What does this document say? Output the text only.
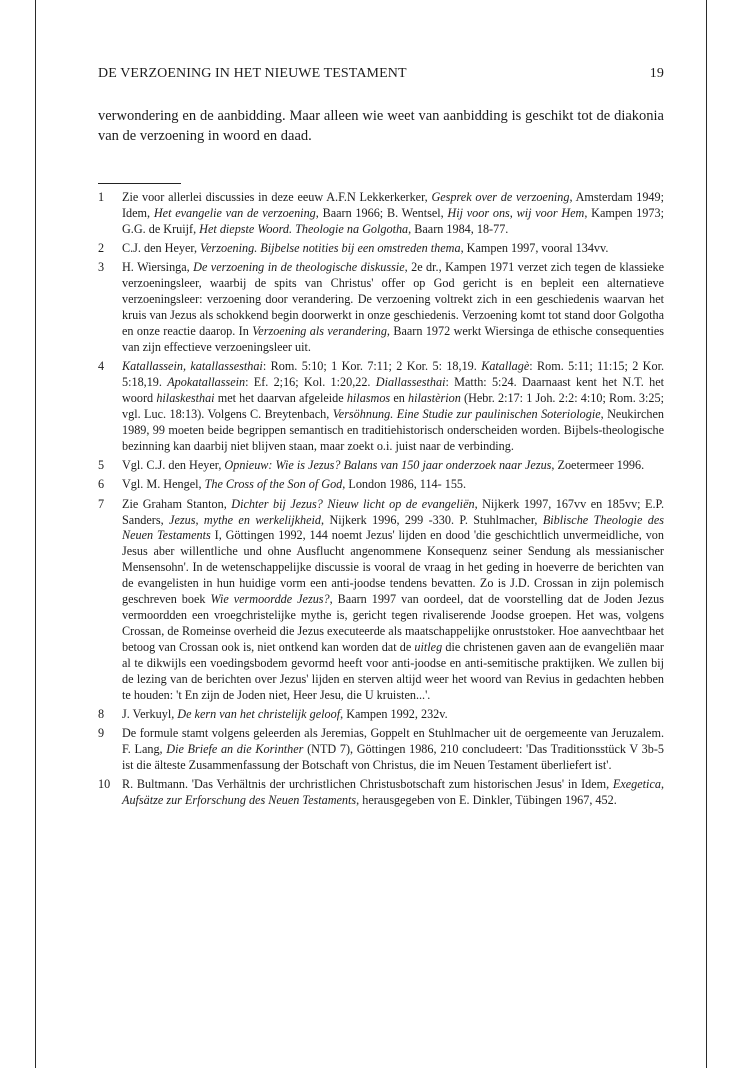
DE VERZOENING IN HET NIEUWE TESTAMENT	19

verwondering en de aanbidding. Maar alleen wie weet van aanbidding is geschikt tot de diakonia van de verzoening in woord en daad.

1 Zie voor allerlei discussies in deze eeuw A.F.N Lekkerkerker, Gesprek over de verzoening, Amsterdam 1949; Idem, Het evangelie van de verzoening, Baarn 1966; B. Wentsel, Hij voor ons, wij voor Hem, Kampen 1973; G.G. de Kruijf, Het diepste Woord. Theologie na Golgotha, Baarn 1984, 18-77.
2 C.J. den Heyer, Verzoening. Bijbelse notities bij een omstreden thema, Kampen 1997, vooral 134vv.
3 H. Wiersinga, De verzoening in de theologische diskussie, 2e dr., Kampen 1971 verzet zich tegen de klassieke verzoeningsleer, waarbij de spits van Christus' offer op God gericht is en bepleit een alternatieve verzoeningsleer: verzoening door verandering. De verzoening voltrekt zich in een geschiedenis waarvan het kruis van Jezus als schokkend begin doorwerkt in onze geschiedenis. Verzoening komt tot stand door Golgotha en onze reactie daarop. In Verzoening als verandering, Baarn 1972 werkt Wiersinga de ethische consequenties van zijn effectieve verzoeningsleer uit.
4 Katallassein, katallassesthai: Rom. 5:10; 1 Kor. 7:11; 2 Kor. 5: 18,19. Katallagè: Rom. 5:11; 11:15; 2 Kor. 5:18,19. Apokatallassein: Ef. 2;16; Kol. 1:20,22. Diallassesthai: Matth: 5:24. Daarnaast kent het N.T. het woord hilaskesthai met het daarvan afgeleide hilasmos en hilastèrion (Hebr. 2:17: 1 Joh. 2:2: 4:10; Rom. 3:25; vgl. Luc. 18:13). Volgens C. Breytenbach, Versöhnung. Eine Studie zur paulinischen Soteriologie, Neukirchen 1989, 99 moeten beide begrippen semantisch en traditiehistorisch onderscheiden worden. Bijbels-theologische bezinning kan daarbij niet blijven staan, maar zoekt o.i. juist naar de verbinding.
5 Vgl. C.J. den Heyer, Opnieuw: Wie is Jezus? Balans van 150 jaar onderzoek naar Jezus, Zoetermeer 1996.
6 Vgl. M. Hengel, The Cross of the Son of God, London 1986, 114- 155.
7 Zie Graham Stanton, Dichter bij Jezus? Nieuw licht op de evangeliën, Nijkerk 1997, 167vv en 185vv; E.P. Sanders, Jezus, mythe en werkelijkheid, Nijkerk 1996, 299 -330. P. Stuhlmacher, Biblische Theologie des Neuen Testaments I, Göttingen 1992, 144 noemt Jezus' lijden en dood 'die geschichtlich unvermeidliche, von Jesus aber willentliche und ohne Ausflucht angenommene Konsequenz seiner Sendung als messianischer Mensensohn'. In de wetenschappelijke discussie is vooral de vraag in het geding in hoeverre de berichten van de evangelisten in hun huidige vorm een anti-joodse tendens bevatten. Zo is J.D. Crossan in zijn polemisch geschreven boek Wie vermoordde Jezus?, Baarn 1997 van oordeel, dat de voorstelling dat de Joden Jezus vermoordden een vroegchristelijke mythe is, gericht tegen rivaliserende Joodse groepen. Het was, volgens Crossan, de Romeinse overheid die Jezus executeerde als maatschappelijke onruststoker. Hoe aanvechtbaar het betoog van Crossan ook is, niet ontkend kan worden dat de uitleg die christenen gaven aan de evangeliën maar al te dikwijls een voedingsbodem gevormd heeft voor anti-joodse en anti-semitische praktijken. We zullen bij de lezing van de berichten over Jezus' lijden en sterven altijd weer het woord van Revius in gedachten hebben te houden: 't En zijn de Joden niet, Heer Jesu, die U kruisten...'.
8 J. Verkuyl, De kern van het christelijk geloof, Kampen 1992, 232v.
9 De formule stamt volgens geleerden als Jeremias, Goppelt en Stuhlmacher uit de oergemeente van Jeruzalem. F. Lang, Die Briefe an die Korinther (NTD 7), Göttingen 1986, 210 concludeert: 'Das Traditionsstück V 3b-5 ist die älteste Zusammenfassung der Botschaft von Christus, die im Neuen Testament überliefert ist'.
10 R. Bultmann. 'Das Verhältnis der urchristlichen Christusbotschaft zum historischen Jesus' in Idem, Exegetica, Aufsätze zur Erforschung des Neuen Testaments, herausgegeben von E. Dinkler, Tübingen 1967, 452.
